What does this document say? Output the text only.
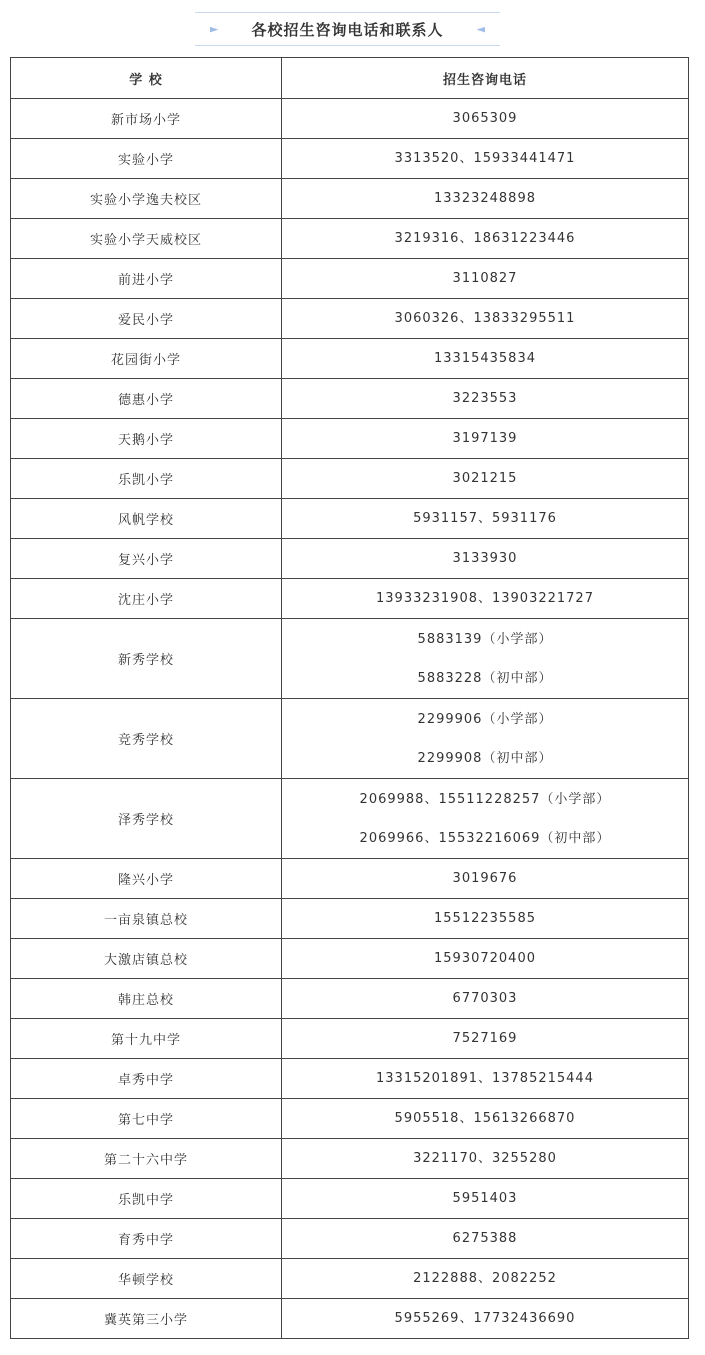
► 各校招生咨询电话和联系人	◄
学 校	招生咨询电话
新市场小学	3065309

实验小学	3313520、15933441471

实验小学逸夫校区	13323248898

实验小学天威校区	3219316、18631223446

前进小学	3110827

爱民小学	3060326、13833295511

花园街小学	13315435834

德惠小学	3223553

天鹅小学	3197139

乐凯小学	3021215

风帆学校	5931157、5931176

复兴小学	3133930

沈庄小学	13933231908、13903221727

新秀学校	5883139（小学部）
5883228（初中部）

竞秀学校	2299906（小学部）
2299908（初中部）

泽秀学校	2069988、15511228257（小学部）
2069966、15532216069（初中部）

隆兴小学	3019676

一亩泉镇总校	15512235585

大激店镇总校	15930720400

韩庄总校	6770303

第十九中学	7527169

卓秀中学	13315201891、13785215444

第七中学	5905518、15613266870

第二十六中学	3221170、3255280

乐凯中学	5951403

育秀中学	6275388

华顿学校	2122888、2082252

冀英第三小学	5955269、17732436690
